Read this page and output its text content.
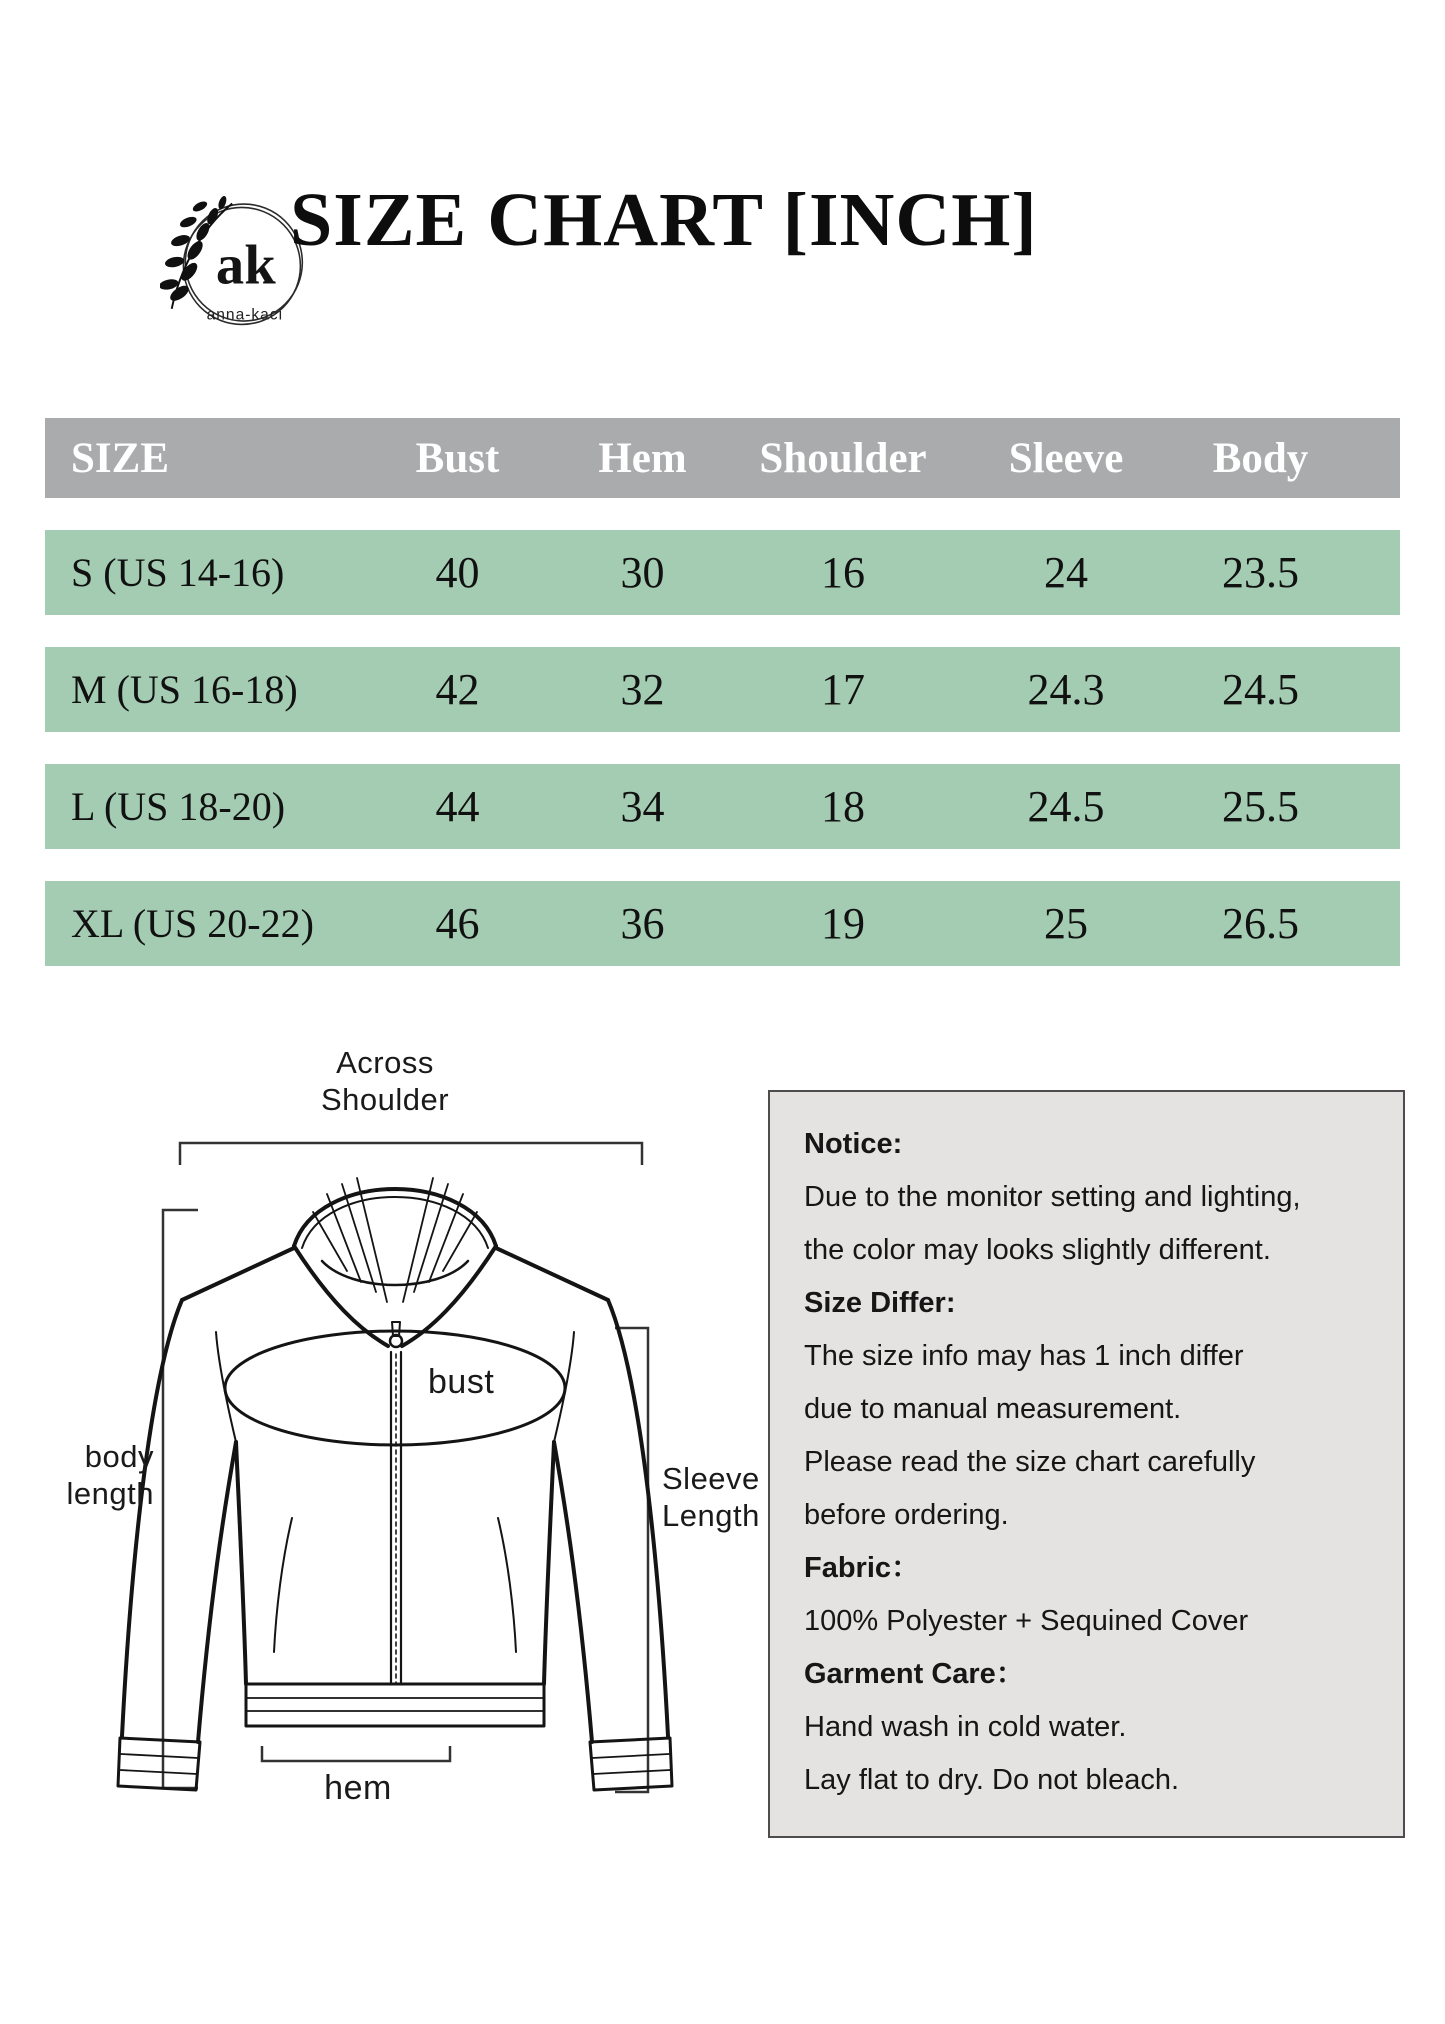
ak
anna-kaci
SIZE CHART [INCH]
SIZE	Bust	Hem	Shoulder	Sleeve	Body
S (US 14-16)	40	30	16	24	23.5
M (US 16-18)	42	32	17	24.3	24.5
L (US 18-20)	44	34	18	24.5	25.5
XL (US 20-22)	46	36	19	25	26.5
Across
Shoulder
body
length	Sleeve
Length
bust
hem
Notice:
Due to the monitor setting and lighting,
the color may looks slightly different.
Size Differ:
The size info may has 1 inch differ
due to manual measurement.
Please read the size chart carefully
before ordering.
Fabric：
100% Polyester + Sequined Cover
Garment Care：
Hand wash in cold water.
Lay flat to dry. Do not bleach.
